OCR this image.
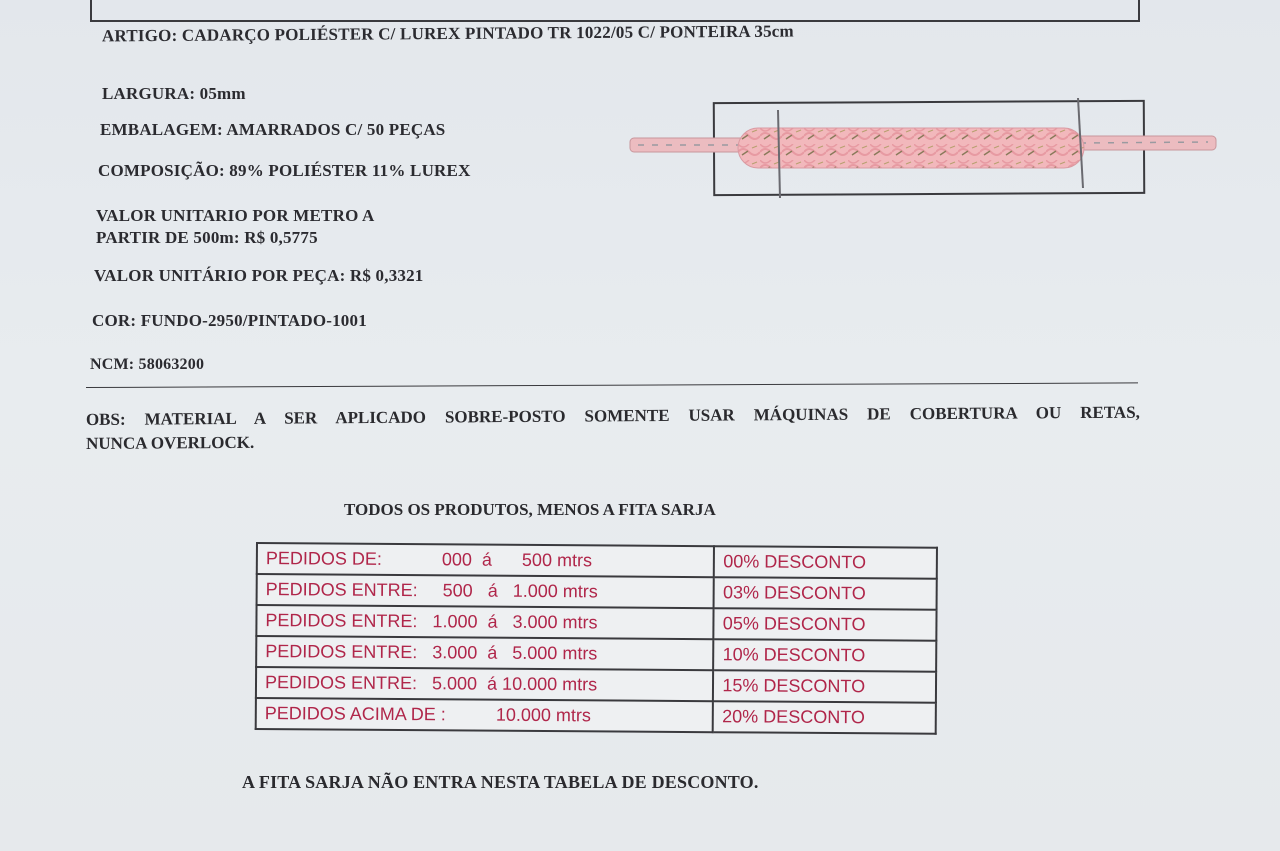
ARTIGO: CADARÇO POLIÉSTER C/ LUREX PINTADO TR 1022/05 C/ PONTEIRA 35cm
LARGURA: 05mm
EMBALAGEM: AMARRADOS C/ 50 PEÇAS
COMPOSIÇÃO: 89% POLIÉSTER 11% LUREX
VALOR UNITARIO POR METRO A
PARTIR DE 500m: R$ 0,5775
VALOR UNITÁRIO POR PEÇA: R$ 0,3321
COR: FUNDO-2950/PINTADO-1001
NCM: 58063200
OBS: MATERIAL A SER APLICADO SOBRE-POSTO SOMENTE USAR MÁQUINAS DE COBERTURA OU RETAS,
NUNCA OVERLOCK.
TODOS OS PRODUTOS, MENOS A FITA SARJA
PEDIDOS DE:            000  á      500 mtrs	00% DESCONTO
PEDIDOS ENTRE:     500   á   1.000 mtrs	03% DESCONTO
PEDIDOS ENTRE:   1.000  á   3.000 mtrs	05% DESCONTO
PEDIDOS ENTRE:   3.000  á   5.000 mtrs	10% DESCONTO
PEDIDOS ENTRE:   5.000  á 10.000 mtrs	15% DESCONTO
PEDIDOS ACIMA DE :          10.000 mtrs	20% DESCONTO
A FITA SARJA NÃO ENTRA NESTA TABELA DE DESCONTO.
